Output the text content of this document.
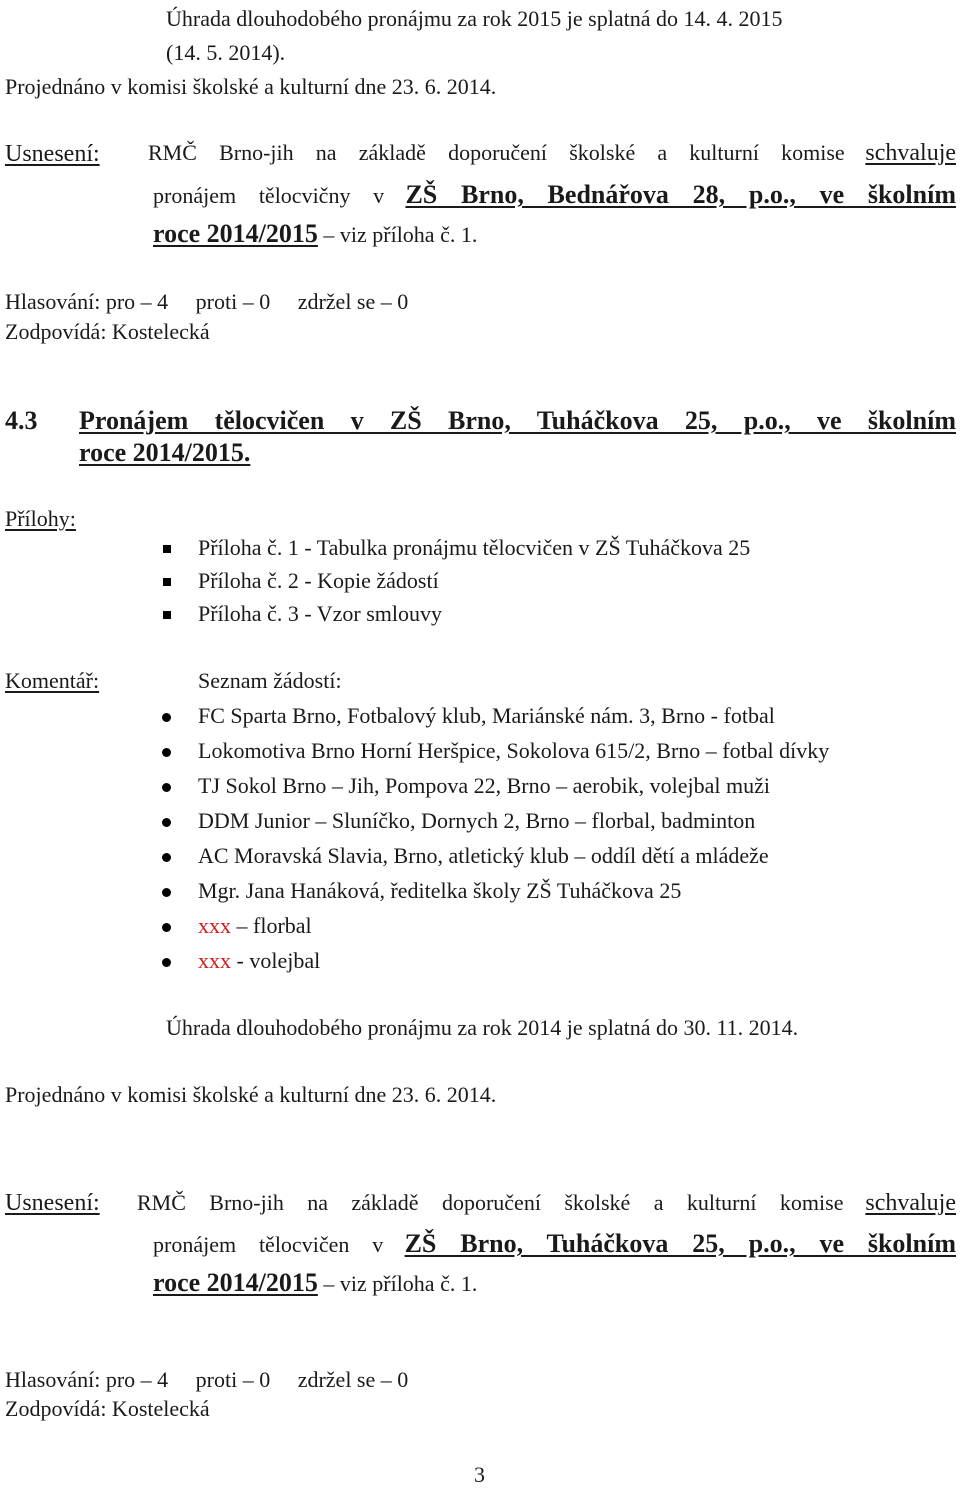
Úhrada dlouhodobého pronájmu za rok 2015 je splatná do 14. 4. 2015
(14. 5. 2014).
Projednáno v komisi školské a kulturní dne 23. 6. 2014.
Usnesení: RMČ Brno-jih na základě doporučení školské a kulturní komise schvaluje
pronájem tělocvičny v ZŠ Brno, Bednářova 28, p.o., ve školním
roce 2014/2015 – viz příloha č. 1.
Hlasování: pro – 4     proti – 0     zdržel se – 0
Zodpovídá: Kostelecká
4.3 Pronájem tělocvičen v ZŠ Brno, Tuháčkova 25, p.o., ve školním
roce 2014/2015.
Přílohy:
Příloha č. 1 - Tabulka pronájmu tělocvičen v ZŠ Tuháčkova 25
Příloha č. 2 - Kopie žádostí
Příloha č. 3 - Vzor smlouvy
Komentář:	Seznam žádostí:
FC Sparta Brno, Fotbalový klub, Mariánské nám. 3, Brno - fotbal
Lokomotiva Brno Horní Heršpice, Sokolova 615/2, Brno – fotbal dívky
TJ Sokol Brno – Jih, Pompova 22, Brno – aerobik, volejbal muži
DDM Junior – Sluníčko, Dornych 2, Brno – florbal, badminton
AC Moravská Slavia, Brno, atletický klub – oddíl dětí a mládeže
Mgr. Jana Hanáková, ředitelka školy ZŠ Tuháčkova 25
xxx – florbal
xxx - volejbal
Úhrada dlouhodobého pronájmu za rok 2014 je splatná do 30. 11. 2014.
Projednáno v komisi školské a kulturní dne 23. 6. 2014.
Usnesení: RMČ Brno-jih na základě doporučení školské a kulturní komise schvaluje
pronájem tělocvičen v ZŠ Brno, Tuháčkova 25, p.o., ve školním
roce 2014/2015 – viz příloha č. 1.
Hlasování: pro – 4     proti – 0     zdržel se – 0
Zodpovídá: Kostelecká
3
